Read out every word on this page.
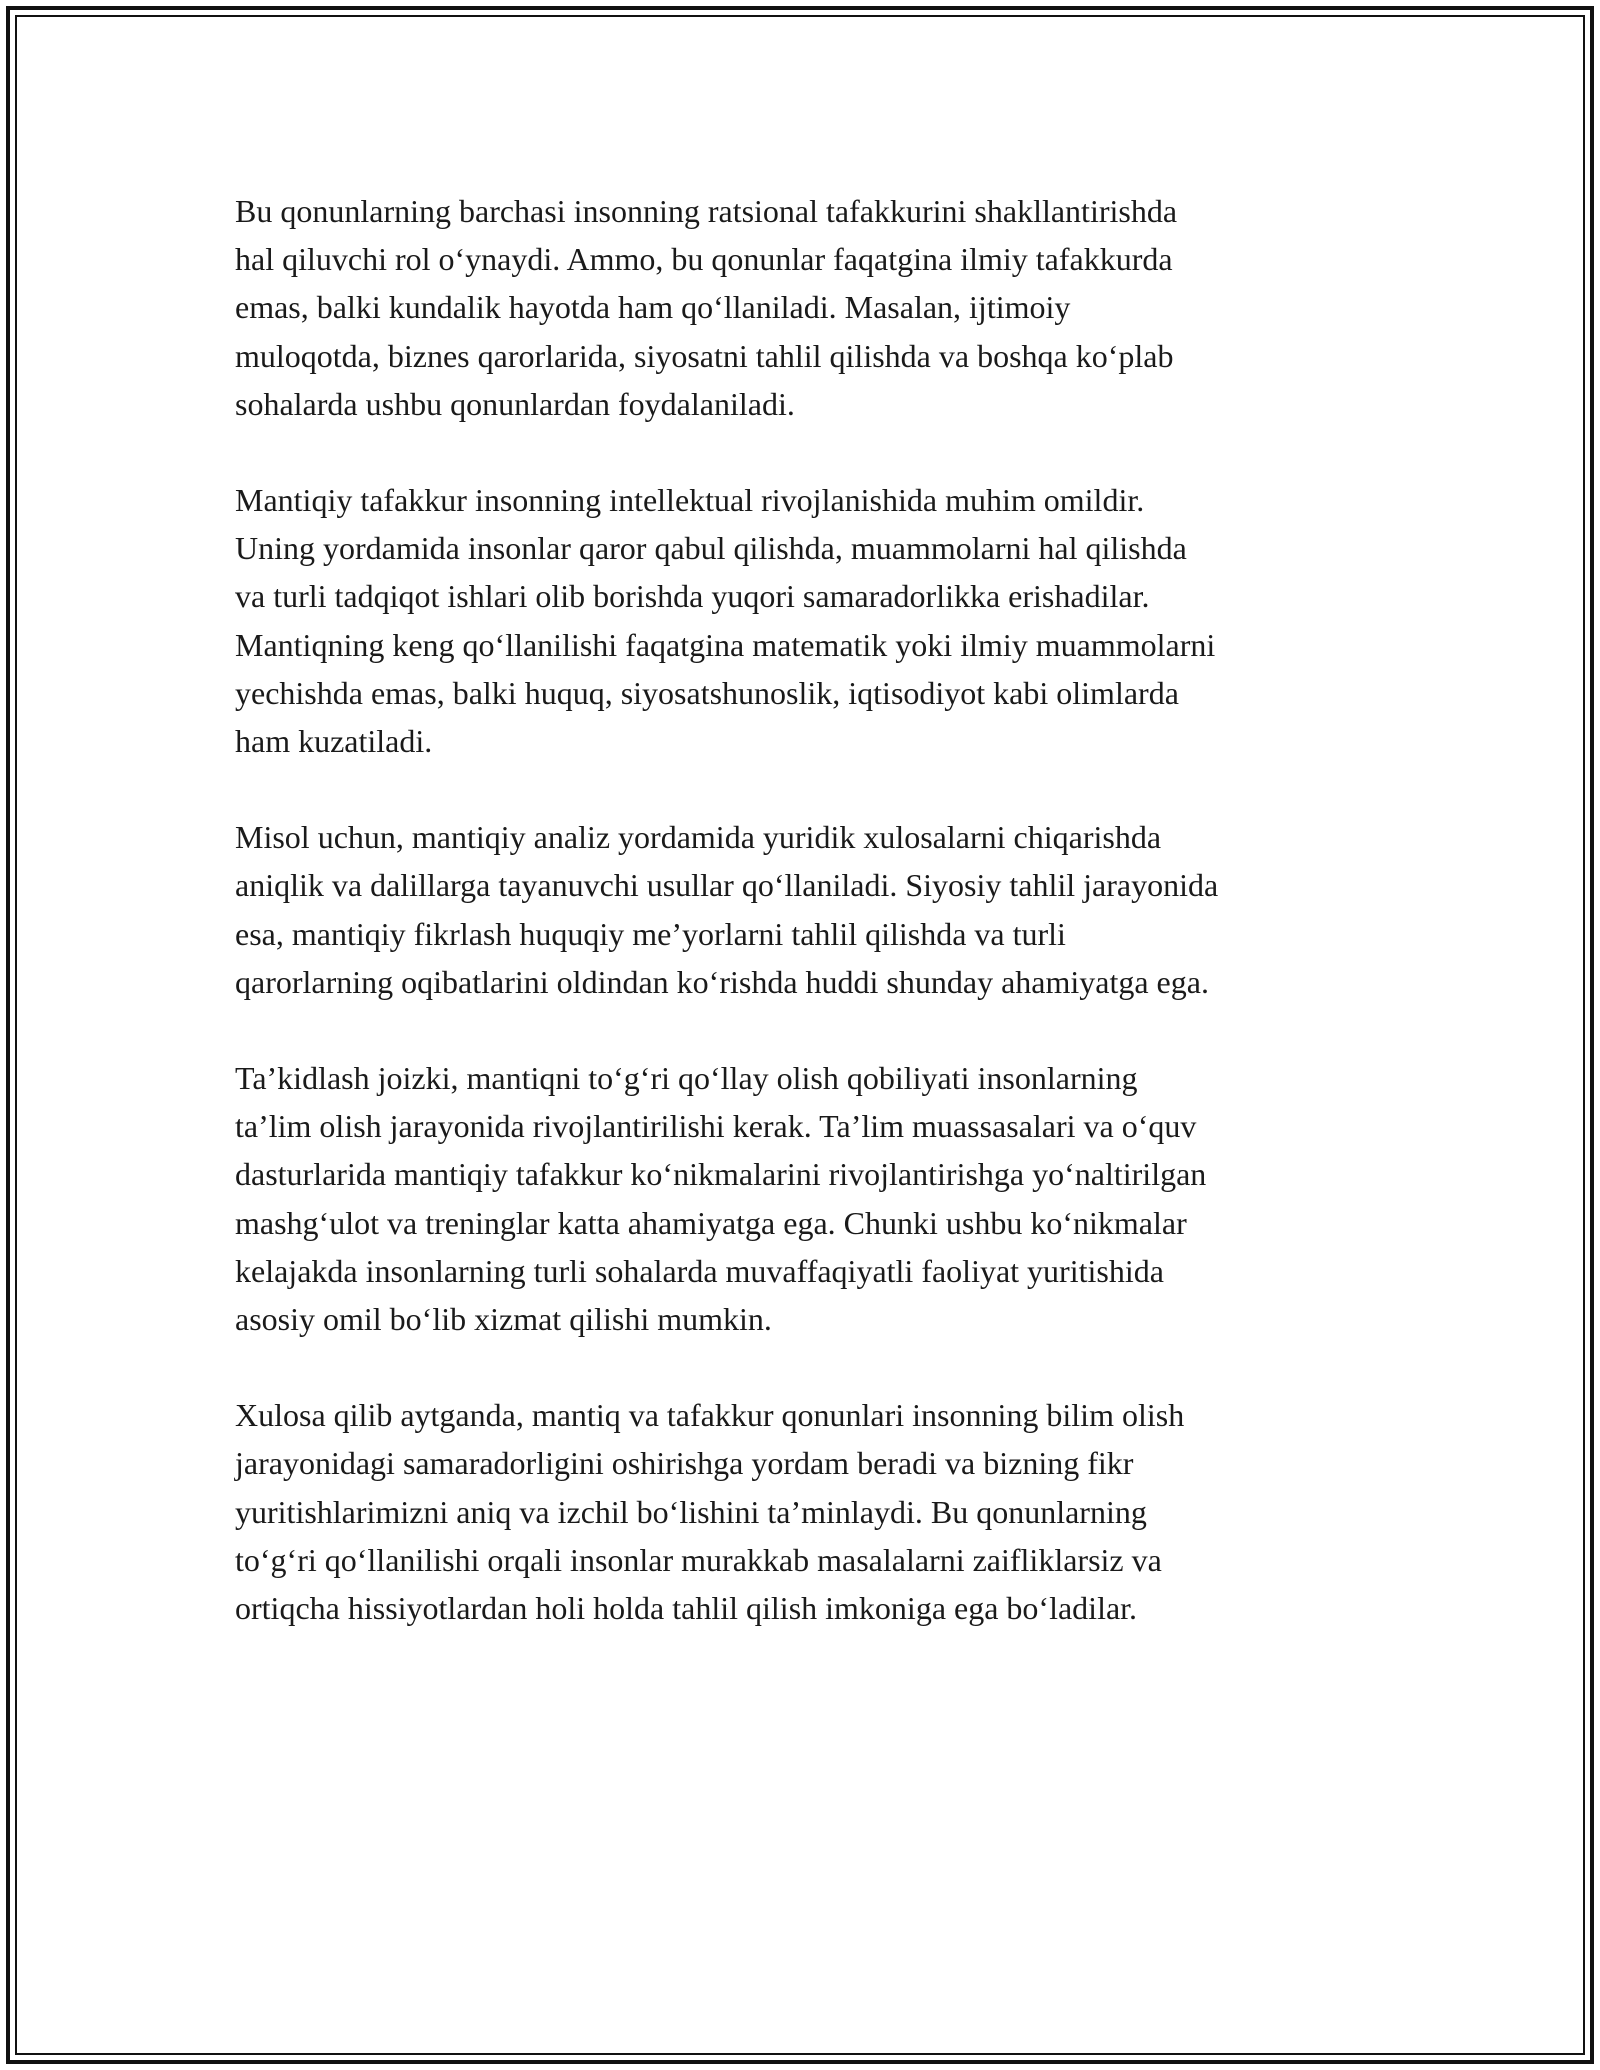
Bu qonunlarning barchasi insonning ratsional tafakkurini shakllantirishda
hal qiluvchi rol o‘ynaydi. Ammo, bu qonunlar faqatgina ilmiy tafakkurda
emas, balki kundalik hayotda ham qo‘llaniladi. Masalan, ijtimoiy
muloqotda, biznes qarorlarida, siyosatni tahlil qilishda va boshqa ko‘plab
sohalarda ushbu qonunlardan foydalaniladi.

Mantiqiy tafakkur insonning intellektual rivojlanishida muhim omildir.
Uning yordamida insonlar qaror qabul qilishda, muammolarni hal qilishda
va turli tadqiqot ishlari olib borishda yuqori samaradorlikka erishadilar.
Mantiqning keng qo‘llanilishi faqatgina matematik yoki ilmiy muammolarni
yechishda emas, balki huquq, siyosatshunoslik, iqtisodiyot kabi olimlarda
ham kuzatiladi.

Misol uchun, mantiqiy analiz yordamida yuridik xulosalarni chiqarishda
aniqlik va dalillarga tayanuvchi usullar qo‘llaniladi. Siyosiy tahlil jarayonida
esa, mantiqiy fikrlash huquqiy me’yorlarni tahlil qilishda va turli
qarorlarning oqibatlarini oldindan ko‘rishda huddi shunday ahamiyatga ega.

Ta’kidlash joizki, mantiqni to‘g‘ri qo‘llay olish qobiliyati insonlarning
ta’lim olish jarayonida rivojlantirilishi kerak. Ta’lim muassasalari va o‘quv
dasturlarida mantiqiy tafakkur ko‘nikmalarini rivojlantirishga yo‘naltirilgan
mashg‘ulot va treninglar katta ahamiyatga ega. Chunki ushbu ko‘nikmalar
kelajakda insonlarning turli sohalarda muvaffaqiyatli faoliyat yuritishida
asosiy omil bo‘lib xizmat qilishi mumkin.

Xulosa qilib aytganda, mantiq va tafakkur qonunlari insonning bilim olish
jarayonidagi samaradorligini oshirishga yordam beradi va bizning fikr
yuritishlarimizni aniq va izchil bo‘lishini ta’minlaydi. Bu qonunlarning
to‘g‘ri qo‘llanilishi orqali insonlar murakkab masalalarni zaifliklarsiz va
ortiqcha hissiyotlardan holi holda tahlil qilish imkoniga ega bo‘ladilar.
